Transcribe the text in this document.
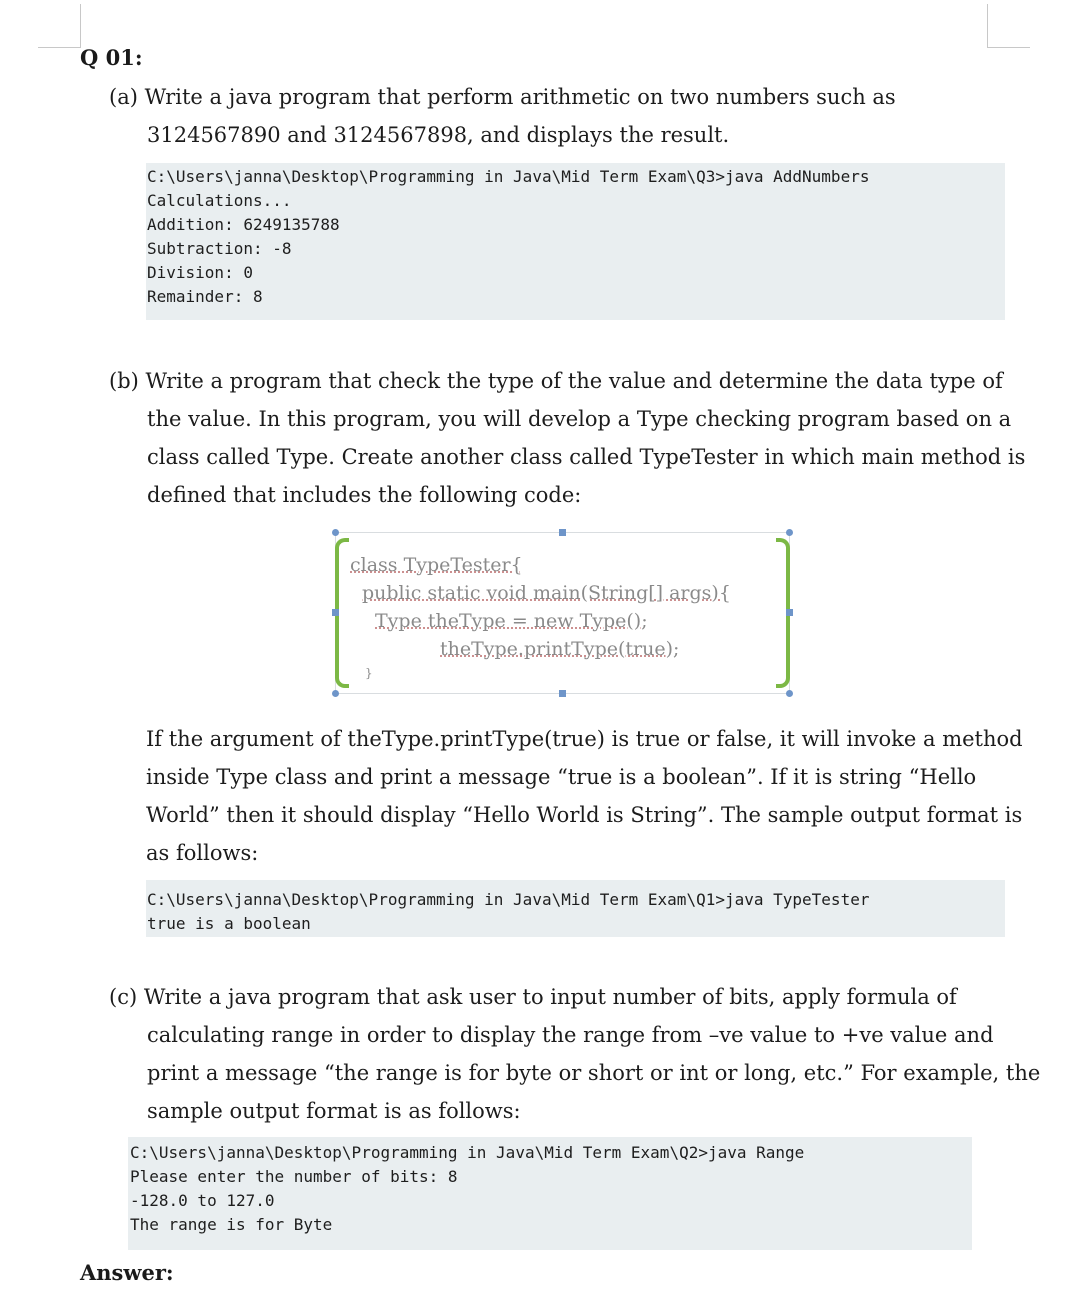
Q 01:
(a) Write a java program that perform arithmetic on two numbers such as
3124567890 and 3124567898, and displays the result.
C:\Users\janna\Desktop\Programming in Java\Mid Term Exam\Q3>java AddNumbers
Calculations...
Addition: 6249135788
Subtraction: -8
Division: 0
Remainder: 8
(b) Write a program that check the type of the value and determine the data type of
the value. In this program, you will develop a Type checking program based on a
class called Type. Create another class called TypeTester in which main method is
defined that includes the following code:
class TypeTester{
public static void main(String[] args){
Type theType = new Type();
theType.printType(true);
}
If the argument of theType.printType(true) is true or false, it will invoke a method
inside Type class and print a message “true is a boolean”. If it is string “Hello
World” then it should display “Hello World is String”. The sample output format is
as follows:
C:\Users\janna\Desktop\Programming in Java\Mid Term Exam\Q1>java TypeTester
true is a boolean
(c) Write a java program that ask user to input number of bits, apply formula of
calculating range in order to display the range from –ve value to +ve value and
print a message “the range is for byte or short or int or long, etc.” For example, the
sample output format is as follows:
C:\Users\janna\Desktop\Programming in Java\Mid Term Exam\Q2>java Range
Please enter the number of bits: 8
-128.0 to 127.0
The range is for Byte
Answer:
